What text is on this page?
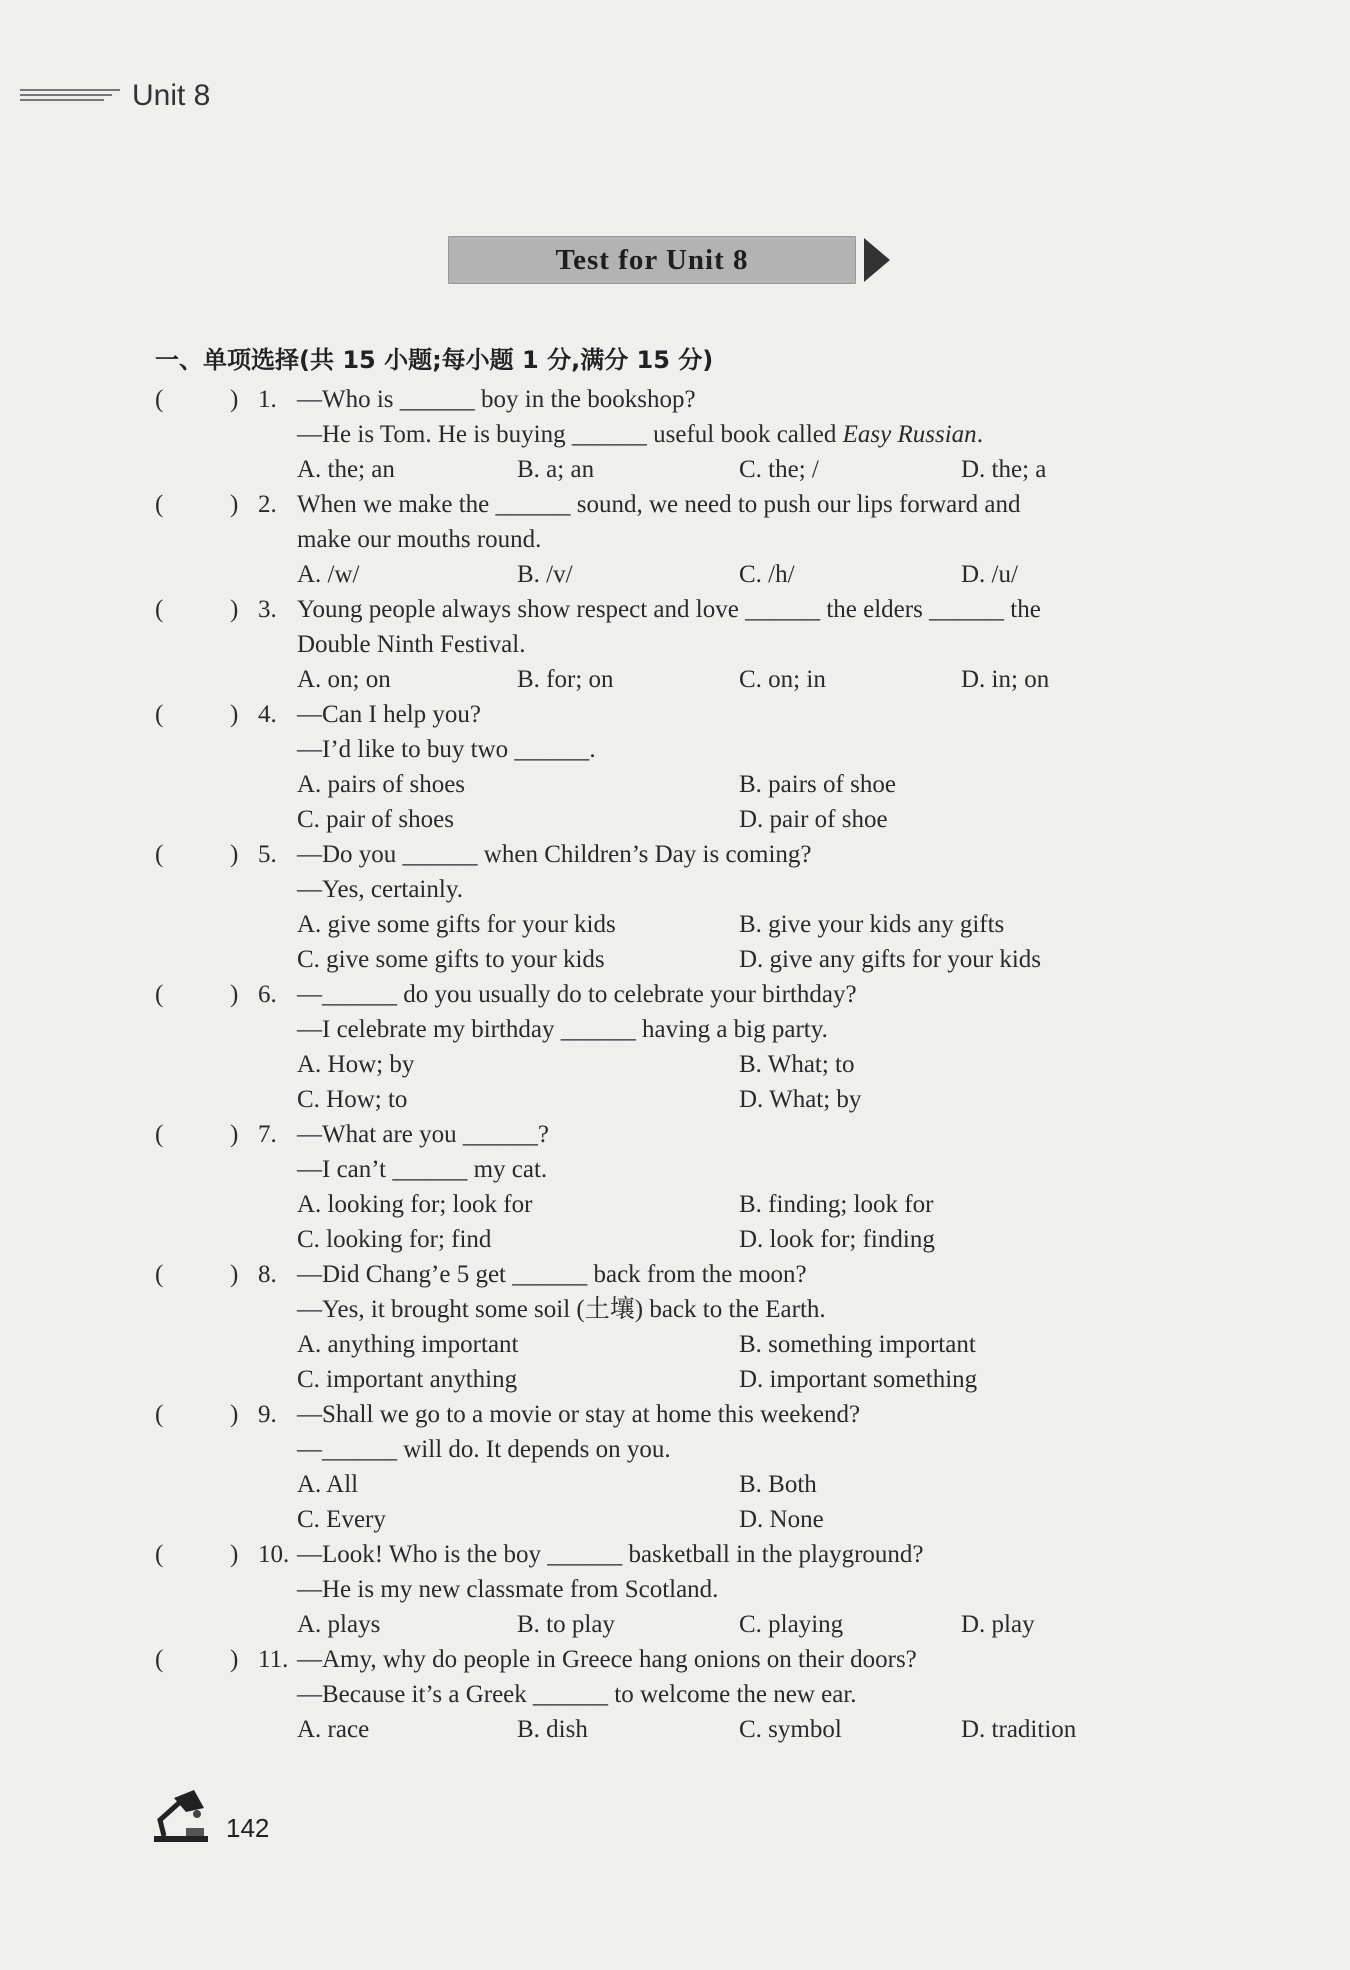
Unit 8
Test for Unit 8
一、单项选择(共 15 小题;每小题 1 分,满分 15 分)
(	) 1. —Who is ______ boy in the bookshop?
—He is Tom. He is buying ______ useful book called Easy Russian.
A. the; an	B. a; an	C. the; /	D. the; a
(	) 2. When we make the ______ sound, we need to push our lips forward and
make our mouths round.
A. /w/	B. /v/	C. /h/	D. /u/
(	) 3. Young people always show respect and love ______ the elders ______ the
Double Ninth Festival.
A. on; on	B. for; on	C. on; in	D. in; on
(	) 4. —Can I help you?
—I’d like to buy two ______.
A. pairs of shoes	B. pairs of shoe
C. pair of shoes	D. pair of shoe
(	) 5. —Do you ______ when Children’s Day is coming?
—Yes, certainly.
A. give some gifts for your kids	B. give your kids any gifts
C. give some gifts to your kids	D. give any gifts for your kids
(	) 6. —______ do you usually do to celebrate your birthday?
—I celebrate my birthday ______ having a big party.
A. How; by	B. What; to
C. How; to	D. What; by
(	) 7. —What are you ______?
—I can’t ______ my cat.
A. looking for; look for	B. finding; look for
C. looking for; find	D. look for; finding
(	) 8. —Did Chang’e 5 get ______ back from the moon?
—Yes, it brought some soil (土壤) back to the Earth.
A. anything important	B. something important
C. important anything	D. important something
(	) 9. —Shall we go to a movie or stay at home this weekend?
—______ will do. It depends on you.
A. All	B. Both
C. Every	D. None
(	) 10. —Look! Who is the boy ______ basketball in the playground?
—He is my new classmate from Scotland.
A. plays	B. to play	C. playing	D. play
(	) 11. —Amy, why do people in Greece hang onions on their doors?
—Because it’s a Greek ______ to welcome the new ear.
A. race	B. dish	C. symbol	D. tradition
142
